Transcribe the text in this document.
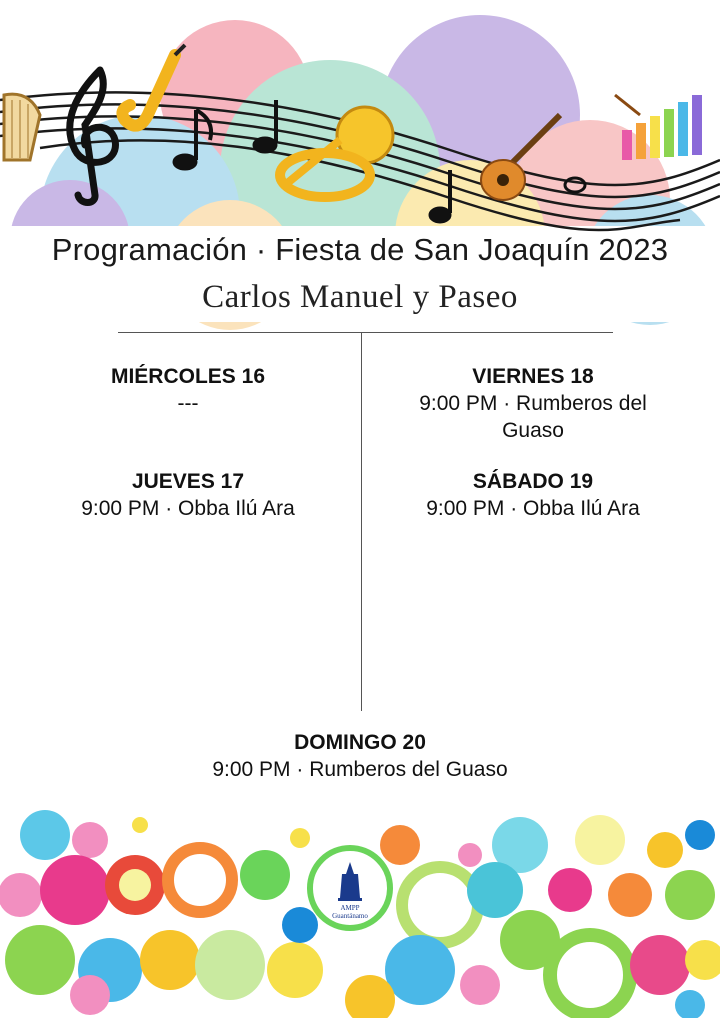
Programación · Fiesta de San Joaquín 2023
Carlos Manuel y Paseo
MIÉRCOLES 16
---
JUEVES 17
9:00 PM · Obba Ilú Ara
VIERNES 18
9:00 PM · Rumberos del Guaso
SÁBADO 19
9:00 PM · Obba Ilú Ara
DOMINGO 20
9:00 PM · Rumberos del Guaso
AMPP
Guantánamo
